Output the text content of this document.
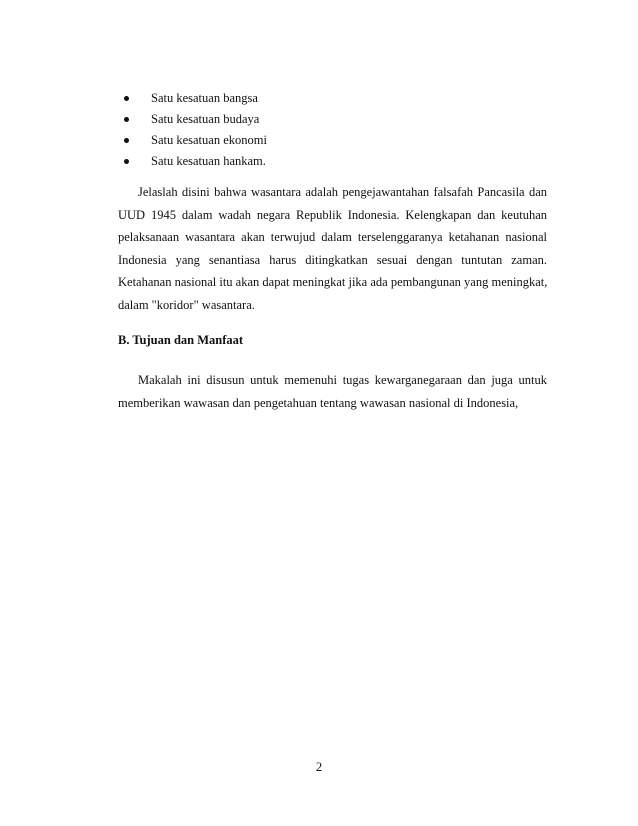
Satu kesatuan bangsa
Satu kesatuan budaya
Satu kesatuan ekonomi
Satu kesatuan hankam.

Jelaslah disini bahwa wasantara adalah pengejawantahan falsafah Pancasila dan
UUD 1945 dalam wadah negara Republik Indonesia. Kelengkapan dan keutuhan
pelaksanaan wasantara akan terwujud dalam terselenggaranya ketahanan nasional
Indonesia yang senantiasa harus ditingkatkan sesuai dengan tuntutan zaman.
Ketahanan nasional itu akan dapat meningkat jika ada pembangunan yang meningkat,
dalam "koridor" wasantara.

B. Tujuan dan Manfaat

Makalah ini disusun untuk memenuhi tugas kewarganegaraan dan juga untuk
memberikan wawasan dan pengetahuan tentang wawasan nasional di Indonesia,

2
